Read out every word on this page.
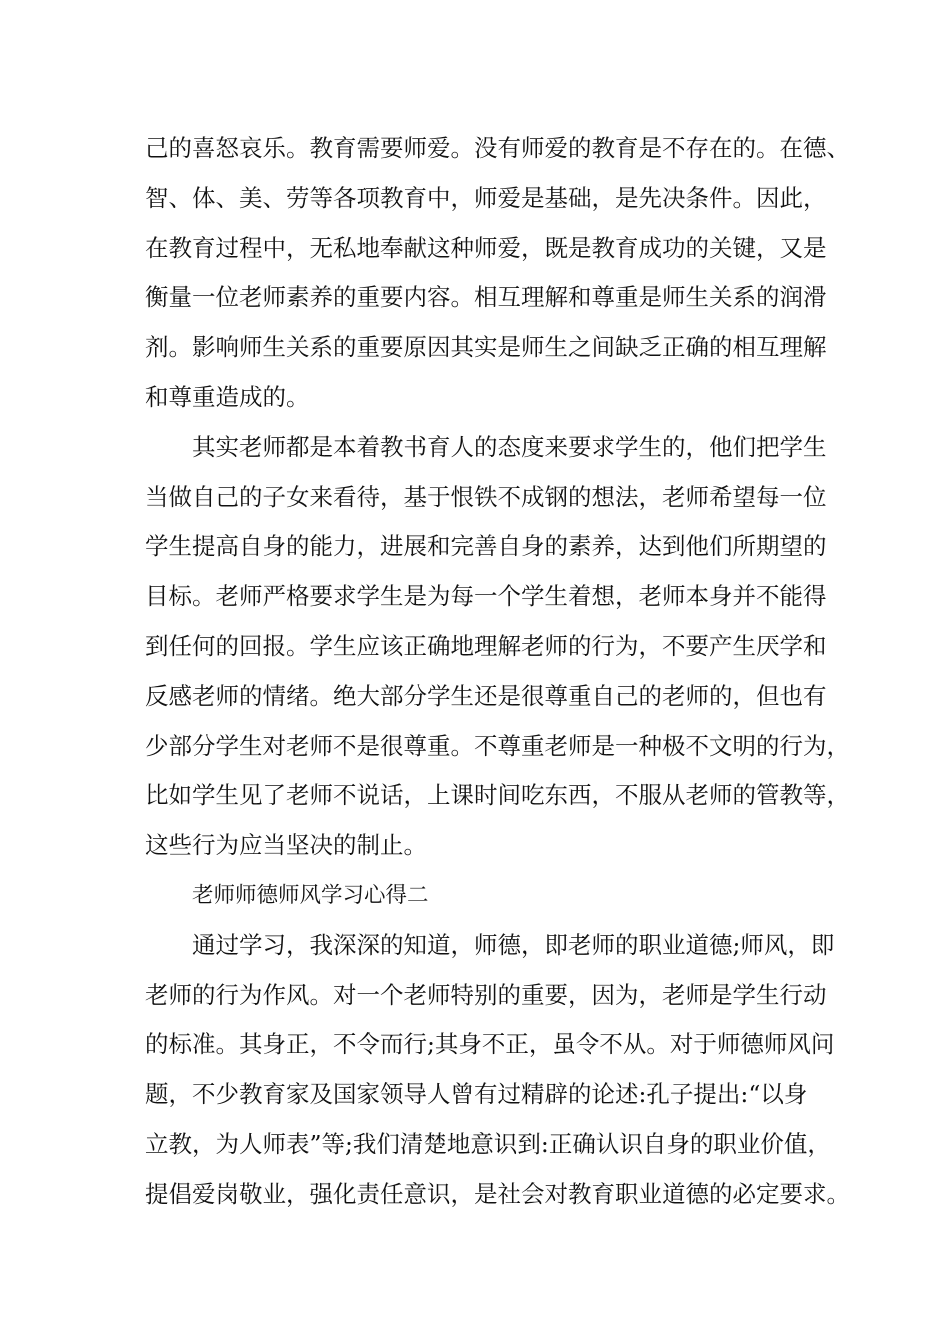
己的喜怒哀乐。教育需要师爱。没有师爱的教育是不存在的。在德、
智、体、美、劳等各项教育中，师爱是基础，是先决条件。因此，
在教育过程中，无私地奉献这种师爱，既是教育成功的关键，又是
衡量一位老师素养的重要内容。相互理解和尊重是师生关系的润滑
剂。影响师生关系的重要原因其实是师生之间缺乏正确的相互理解
和尊重造成的。
其实老师都是本着教书育人的态度来要求学生的，他们把学生
当做自己的子女来看待，基于恨铁不成钢的想法，老师希望每一位
学生提高自身的能力，进展和完善自身的素养，达到他们所期望的
目标。老师严格要求学生是为每一个学生着想，老师本身并不能得
到任何的回报。学生应该正确地理解老师的行为，不要产生厌学和
反感老师的情绪。绝大部分学生还是很尊重自己的老师的，但也有
少部分学生对老师不是很尊重。不尊重老师是一种极不文明的行为，
比如学生见了老师不说话，上课时间吃东西，不服从老师的管教等，
这些行为应当坚决的制止。
老师师德师风学习心得二
通过学习，我深深的知道，师德，即老师的职业道德;师风，即
老师的行为作风。对一个老师特别的重要，因为，老师是学生行动
的标准。其身正，不令而行;其身不正，虽令不从。对于师德师风问
题，不少教育家及国家领导人曾有过精辟的论述:孔子提出:“以身
立教，为人师表”等;我们清楚地意识到:正确认识自身的职业价值，
提倡爱岗敬业，强化责任意识，是社会对教育职业道德的必定要求。
